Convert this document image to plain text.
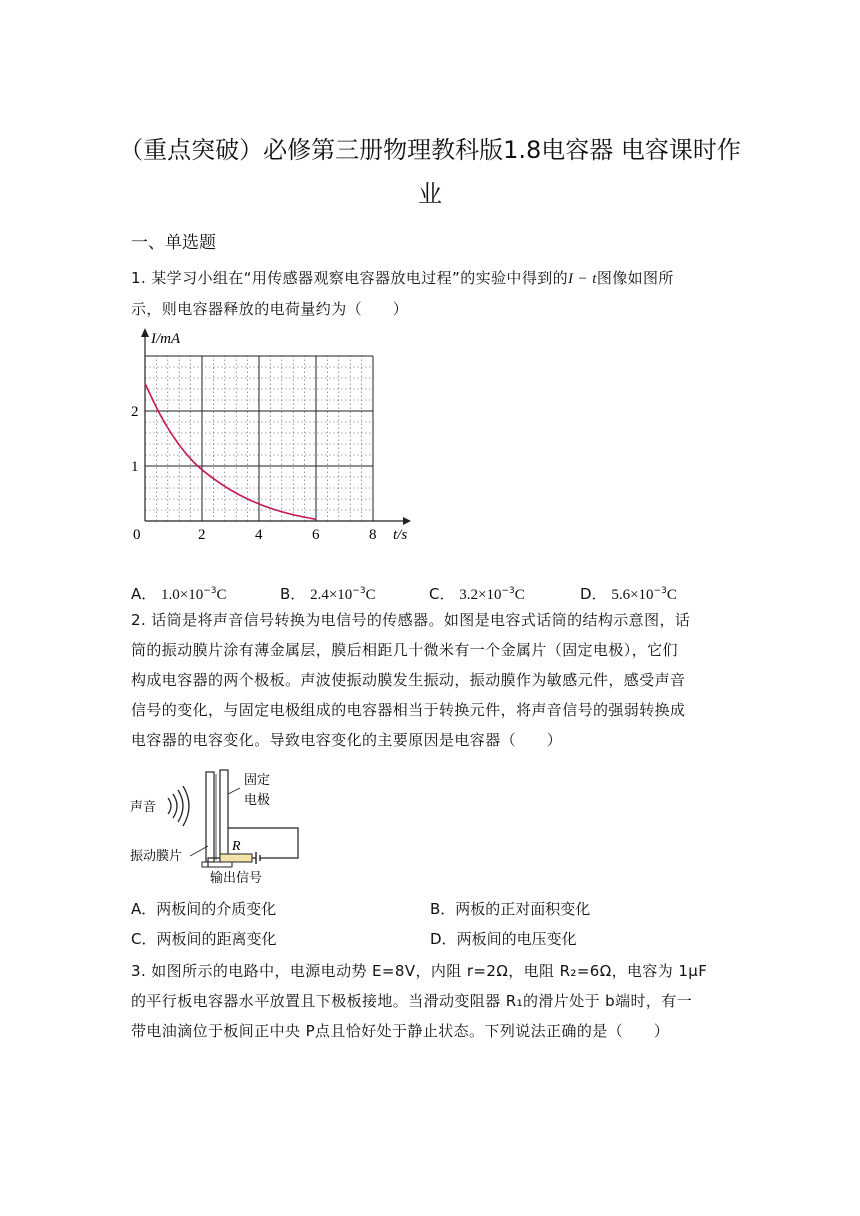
（重点突破）必修第三册物理教科版1.8电容器 电容课时作
业
一、单选题
1. 某学习小组在“用传感器观察电容器放电过程”的实验中得到的I − t图像如图所
示，则电容器释放的电荷量约为（　　）
I/mA
t/s
0	2	4	6	8
1
2
A． $1.0\times 10^{-3}C$	B． $2.4\times 10^{-3}C$	C． $3.2\times 10^{-3}C$	D． $5.6\times 10^{-3}C$
2. 话筒是将声音信号转换为电信号的传感器。如图是电容式话筒的结构示意图，话
筒的振动膜片涂有薄金属层，膜后相距几十微米有一个金属片（固定电极），它们
构成电容器的两个极板。声波使振动膜发生振动，振动膜作为敏感元件，感受声音
信号的变化，与固定电极组成的电容器相当于转换元件，将声音信号的强弱转换成
电容器的电容变化。导致电容变化的主要原因是电容器（　　）
声音
固定
电极
R
振动膜片
输出信号
A．两板间的介质变化	B．两板的正对面积变化
C．两板间的距离变化	D．两板间的电压变化
3. 如图所示的电路中，电源电动势 E=8V，内阻 r=2Ω，电阻 R₂=6Ω，电容为 1μF
的平行板电容器水平放置且下极板接地。当滑动变阻器 R₁的滑片处于 b端时，有一
带电油滴位于板间正中央 P点且恰好处于静止状态。下列说法正确的是（　　）
